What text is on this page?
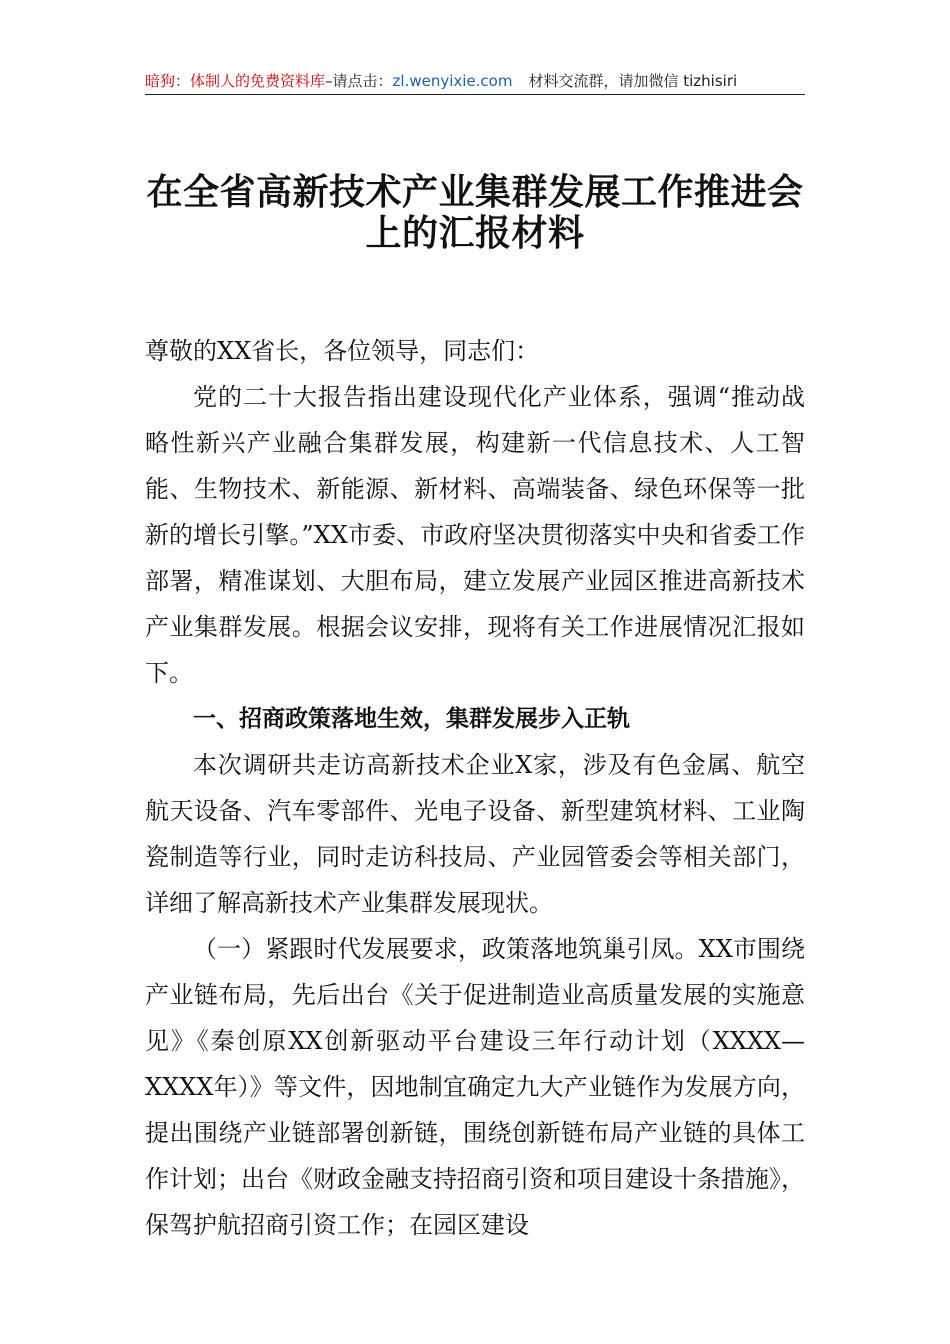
暗狗：体制人的免费资料库–请点击：zl.wenyixie.com 材料交流群，请加微信 tizhisiri
在全省高新技术产业集群发展工作推进会
上的汇报材料

尊敬的XX省长，各位领导，同志们：

党的二十大报告指出建设现代化产业体系，强调“推动战略性新兴产业融合集群发展，构建新一代信息技术、人工智能、生物技术、新能源、新材料、高端装备、绿色环保等一批新的增长引擎。”XX市委、市政府坚决贯彻落实中央和省委工作部署，精准谋划、大胆布局，建立发展产业园区推进高新技术产业集群发展。根据会议安排，现将有关工作进展情况汇报如下。

一、招商政策落地生效，集群发展步入正轨

本次调研共走访高新技术企业X家，涉及有色金属、航空航天设备、汽车零部件、光电子设备、新型建筑材料、工业陶瓷制造等行业，同时走访科技局、产业园管委会等相关部门，详细了解高新技术产业集群发展现状。

（一）紧跟时代发展要求，政策落地筑巢引凤。XX市围绕产业链布局，先后出台《关于促进制造业高质量发展的实施意见》《秦创原XX创新驱动平台建设三年行动计划（XXXX—XXXX年）》等文件，因地制宜确定九大产业链作为发展方向，提出围绕产业链部署创新链，围绕创新链布局产业链的具体工作计划；出台《财政金融支持招商引资和项目建设十条措施》，保驾护航招商引资工作；在园区建设
